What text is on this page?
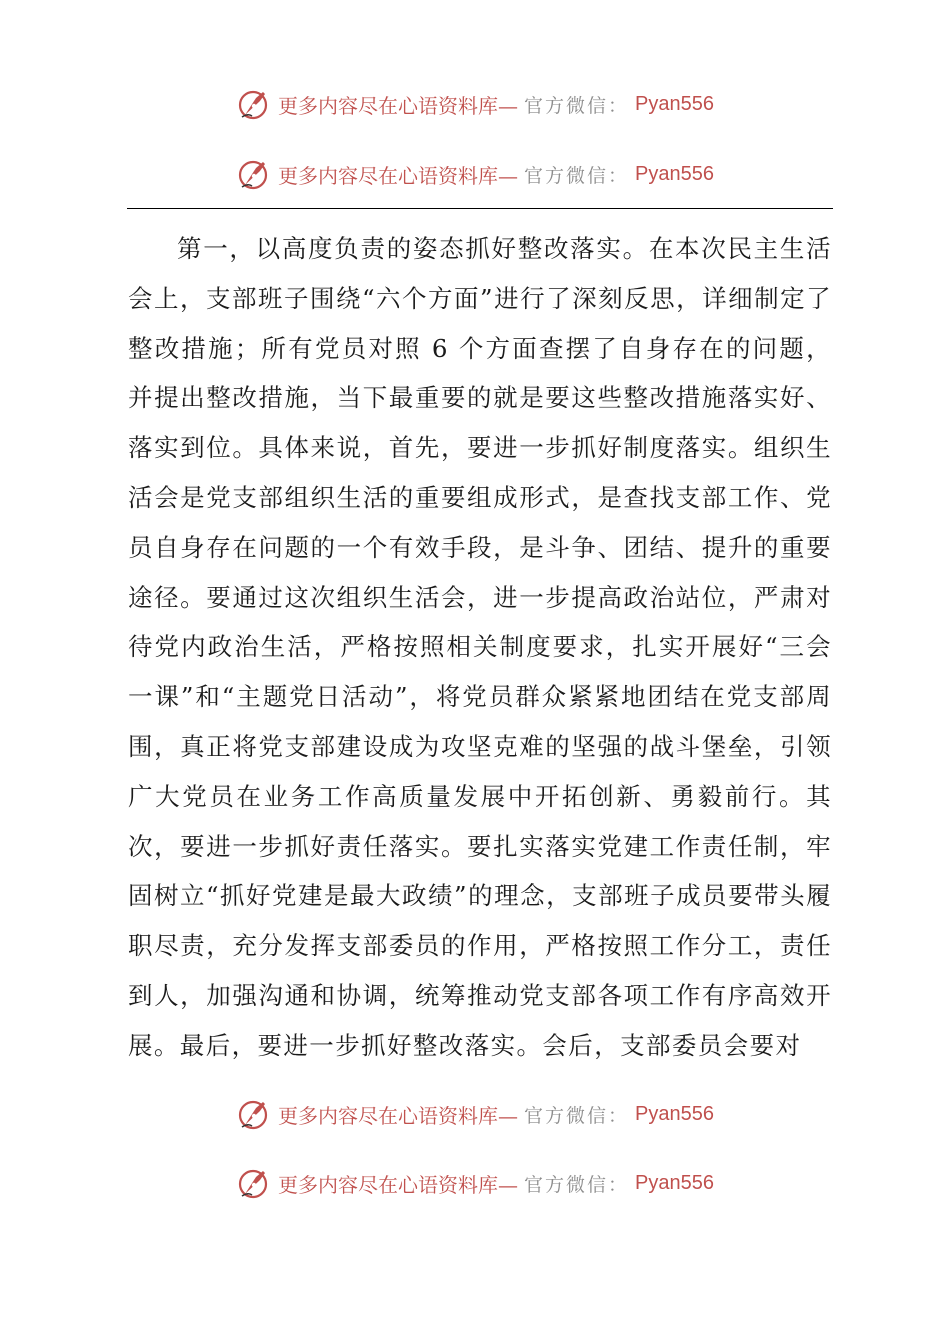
更多内容尽在心语资料库— 官方微信： Pyan556
更多内容尽在心语资料库— 官方微信： Pyan556

第一，以高度负责的姿态抓好整改落实。在本次民主生活会上，支部班子围绕“六个方面”进行了深刻反思，详细制定了整改措施；所有党员对照 6 个方面查摆了自身存在的问题，并提出整改措施，当下最重要的就是要这些整改措施落实好、落实到位。具体来说，首先，要进一步抓好制度落实。组织生活会是党支部组织生活的重要组成形式，是查找支部工作、党员自身存在问题的一个有效手段，是斗争、团结、提升的重要途径。要通过这次组织生活会，进一步提高政治站位，严肃对待党内政治生活，严格按照相关制度要求，扎实开展好“三会一课”和“主题党日活动”，将党员群众紧紧地团结在党支部周围，真正将党支部建设成为攻坚克难的坚强的战斗堡垒，引领广大党员在业务工作高质量发展中开拓创新、勇毅前行。其次，要进一步抓好责任落实。要扎实落实党建工作责任制，牢固树立“抓好党建是最大政绩”的理念，支部班子成员要带头履职尽责，充分发挥支部委员的作用，严格按照工作分工，责任到人，加强沟通和协调，统筹推动党支部各项工作有序高效开展。最后，要进一步抓好整改落实。会后，支部委员会要对

更多内容尽在心语资料库— 官方微信： Pyan556
更多内容尽在心语资料库— 官方微信： Pyan556
